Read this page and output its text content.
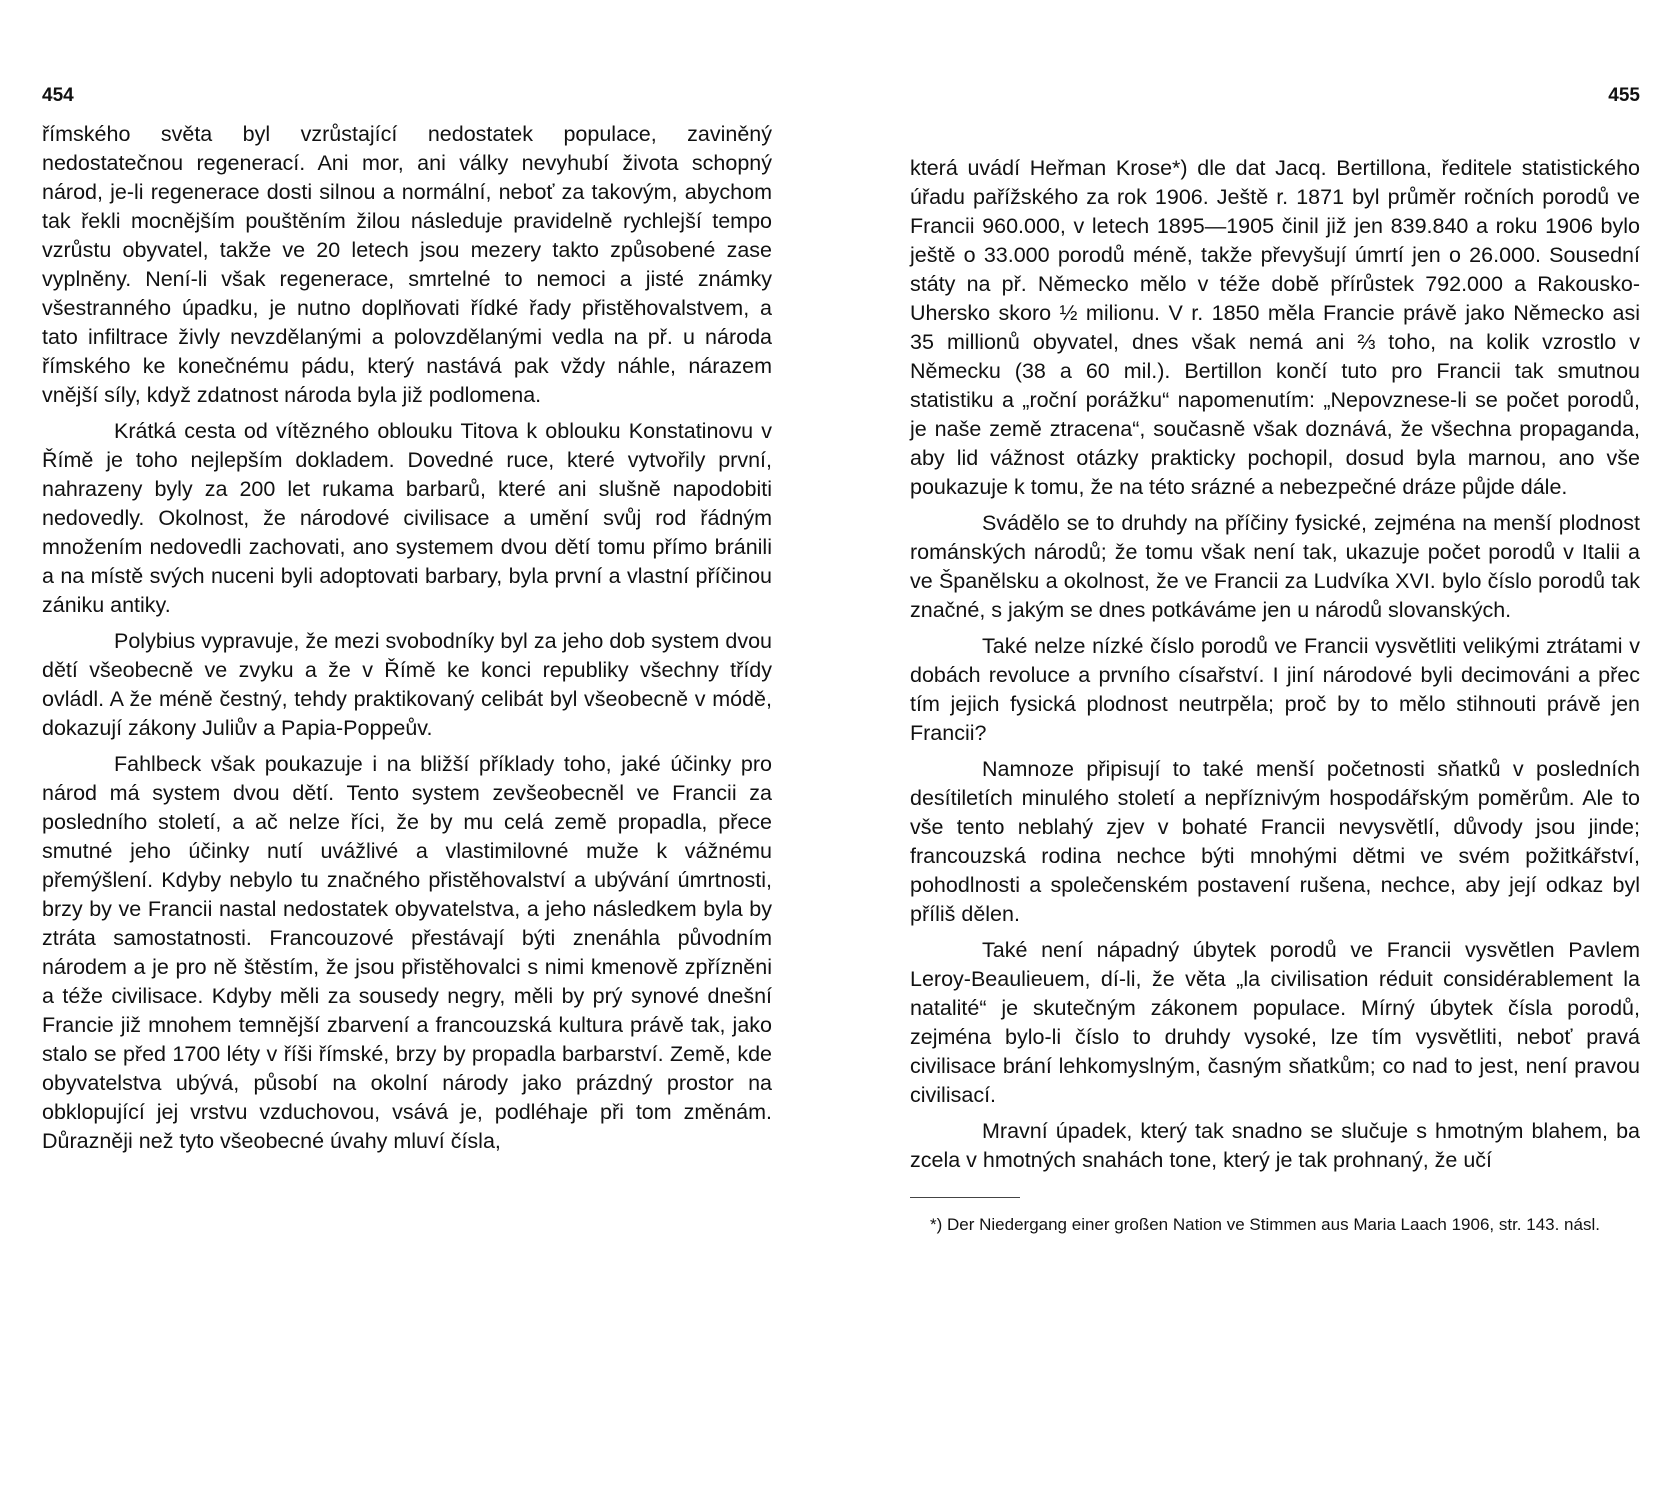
454

římského světa byl vzrůstající nedostatek populace, zaviněný nedostatečnou regenerací. Ani mor, ani války nevyhubí života schopný národ, je-li regenerace dosti silnou a normální, neboť za takovým, abychom tak řekli mocnějším pouštěním žilou následuje pravidelně rychlejší tempo vzrůstu obyvatel, takže ve 20 letech jsou mezery takto způsobené zase vyplněny. Není-li však regenerace, smrtelné to nemoci a jisté známky všestranného úpadku, je nutno doplňovati řídké řady přistěhovalstvem, a tato infiltrace živly nevzdělanými a polovzdělanými vedla na př. u národa římského ke konečnému pádu, který nastává pak vždy náhle, nárazem vnější síly, když zdatnost národa byla již podlomena.

Krátká cesta od vítězného oblouku Titova k oblouku Konstatinovu v Římě je toho nejlepším dokladem. Dovedné ruce, které vytvořily první, nahrazeny byly za 200 let rukama barbarů, které ani slušně napodobiti nedovedly. Okolnost, že národové civilisace a umění svůj rod řádným množením nedovedli zachovati, ano systemem dvou dětí tomu přímo bránili a na místě svých nuceni byli adoptovati barbary, byla první a vlastní příčinou zániku antiky.

Polybius vypravuje, že mezi svobodníky byl za jeho dob system dvou dětí všeobecně ve zvyku a že v Římě ke konci republiky všechny třídy ovládl. A že méně čestný, tehdy praktikovaný celibát byl všeobecně v módě, dokazují zákony Juliův a Papia-Poppeův.

Fahlbeck však poukazuje i na bližší příklady toho, jaké účinky pro národ má system dvou dětí. Tento system zevšeobecněl ve Francii za posledního století, a ač nelze říci, že by mu celá země propadla, přece smutné jeho účinky nutí uvážlivé a vlastimilovné muže k vážnému přemýšlení. Kdyby nebylo tu značného přistěhovalství a ubývání úmrtnosti, brzy by ve Francii nastal nedostatek obyvatelstva, a jeho následkem byla by ztráta samostatnosti. Francouzové přestávají býti znenáhla původním národem a je pro ně štěstím, že jsou přistěhovalci s nimi kmenově zpřízněni a téže civilisace. Kdyby měli za sousedy negry, měli by prý synové dnešní Francie již mnohem temnější zbarvení a francouzská kultura právě tak, jako stalo se před 1700 léty v říši římské, brzy by propadla barbarství. Země, kde obyvatelstva ubývá, působí na okolní národy jako prázdný prostor na obklopující jej vrstvu vzduchovou, vsává je, podléhaje při tom změnám. Důrazněji než tyto všeobecné úvahy mluví čísla,

455

která uvádí Heřman Krose*) dle dat Jacq. Bertillona, ředitele statistického úřadu pařížského za rok 1906. Ještě r. 1871 byl průměr ročních porodů ve Francii 960.000, v letech 1895—1905 činil již jen 839.840 a roku 1906 bylo ještě o 33.000 porodů méně, takže převyšují úmrtí jen o 26.000. Sousední státy na př. Německo mělo v téže době přírůstek 792.000 a Rakousko-Uhersko skoro ½ milionu. V r. 1850 měla Francie právě jako Německo asi 35 millionů obyvatel, dnes však nemá ani ⅔ toho, na kolik vzrostlo v Německu (38 a 60 mil.). Bertillon končí tuto pro Francii tak smutnou statistiku a „roční porážku“ napomenutím: „Nepovznese-li se počet porodů, je naše země ztracena“, současně však doznává, že všechna propaganda, aby lid vážnost otázky prakticky pochopil, dosud byla marnou, ano vše poukazuje k tomu, že na této srázné a nebezpečné dráze půjde dále.

Svádělo se to druhdy na příčiny fysické, zejména na menší plodnost románských národů; že tomu však není tak, ukazuje počet porodů v Italii a ve Španělsku a okolnost, že ve Francii za Ludvíka XVI. bylo číslo porodů tak značné, s jakým se dnes potkáváme jen u národů slovanských.

Také nelze nízké číslo porodů ve Francii vysvětliti velikými ztrátami v dobách revoluce a prvního císařství. I jiní národové byli decimováni a přec tím jejich fysická plodnost neutrpěla; proč by to mělo stihnouti právě jen Francii?

Namnoze připisují to také menší početnosti sňatků v posledních desítiletích minulého století a nepříznivým hospodářským poměrům. Ale to vše tento neblahý zjev v bohaté Francii nevysvětlí, důvody jsou jinde; francouzská rodina nechce býti mnohými dětmi ve svém požitkářství, pohodlnosti a společenském postavení rušena, nechce, aby její odkaz byl příliš dělen.

Také není nápadný úbytek porodů ve Francii vysvětlen Pavlem Leroy-Beaulieuem, dí-li, že věta „la civilisation réduit considérablement la natalité“ je skutečným zákonem populace. Mírný úbytek čísla porodů, zejména bylo-li číslo to druhdy vysoké, lze tím vysvětliti, neboť pravá civilisace brání lehkomyslným, časným sňatkům; co nad to jest, není pravou civilisací.

Mravní úpadek, který tak snadno se slučuje s hmotným blahem, ba zcela v hmotných snahách tone, který je tak prohnaný, že učí

*) Der Niedergang einer großen Nation ve Stimmen aus Maria Laach 1906, str. 143. násl.
